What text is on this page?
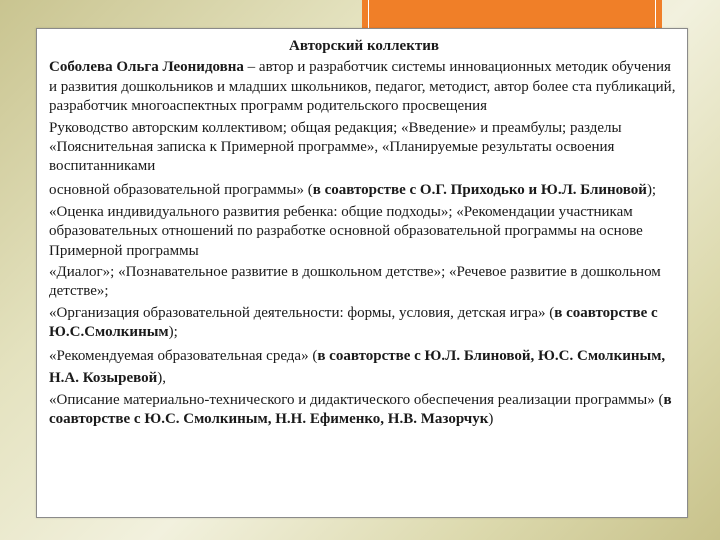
Авторский коллектив
Соболева Ольга Леонидовна – автор и разработчик системы инновационных методик обучения и развития дошкольников и младших школьников, педагог, методист, автор более ста публикаций, разработчик многоаспектных программ родительского просвещения
Руководство авторским коллективом; общая редакция; «Введение» и преамбулы; разделы «Пояснительная записка к Примерной программе», «Планируемые результаты освоения воспитанниками
основной образовательной программы» (в соавторстве с О.Г. Приходько и Ю.Л. Блиновой);
«Оценка индивидуального развития ребенка: общие подходы»; «Рекомендации участникам образовательных отношений по разработке основной образовательной программы на основе Примерной программы
«Диалог»; «Познавательное развитие в дошкольном детстве»; «Речевое развитие в дошкольном детстве»;
«Организация образовательной деятельности: формы, условия, детская игра» (в соавторстве с Ю.С.Смолкиным);
«Рекомендуемая образовательная среда» (в соавторстве с Ю.Л. Блиновой, Ю.С. Смолкиным, Н.А. Козыревой),
«Описание материально-технического и дидактического обеспечения реализации программы» (в соавторстве с Ю.С. Смолкиным, Н.Н. Ефименко, Н.В. Мазорчук)
